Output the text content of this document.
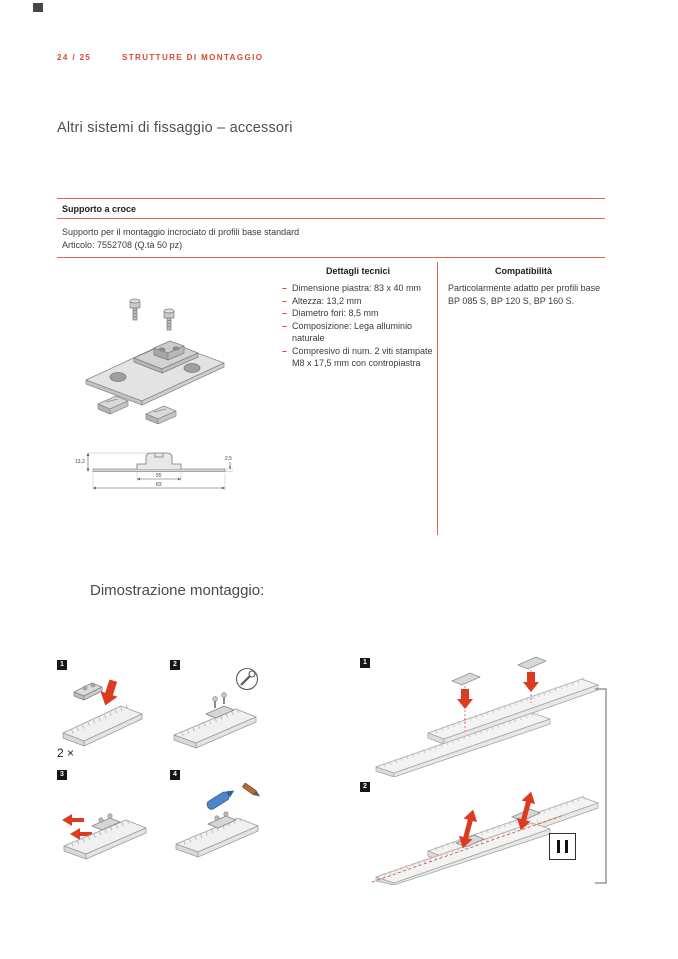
24 / 25	STRUTTURE DI MONTAGGIO
Altri sistemi di fissaggio – accessori
Supporto a croce
Supporto per il montaggio incrociato di profili base standard
Articolo: 7552708 (Q.tà 50 pz)
Dettagli tecnici
– Dimensione piastra: 83 x 40 mm
– Altezza: 13,2 mm
– Diametro fori: 8,5 mm
– Composizione: Lega alluminio naturale
– Compresivo di num. 2 viti stampate M8 x 17,5 mm con contropiastra
Compatibilità
Particolarmente adatto per profili base BP 085 S, BP 120 S, BP 160 S.
13,2	2,5
55
83
Dimostrazione montaggio:
1	2
3	4
2 ×
1
2
